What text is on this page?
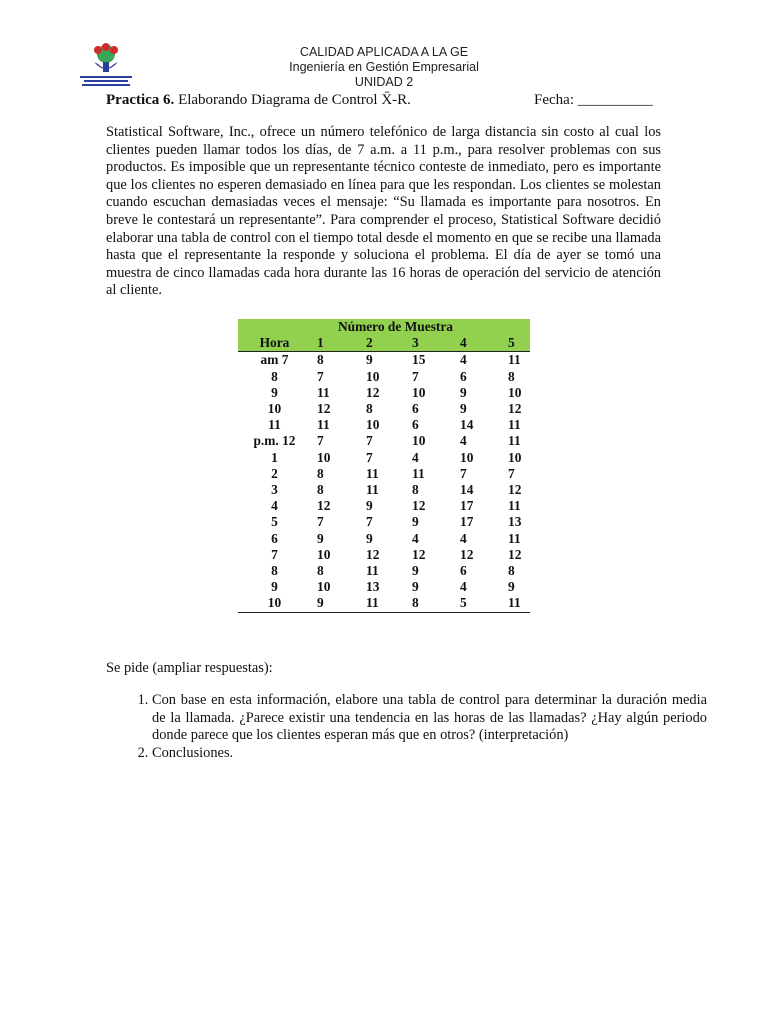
CALIDAD APLICADA A LA GE
Ingeniería en Gestión Empresarial
UNIDAD 2
Practica 6. Elaborando Diagrama de Control X̄-R.	Fecha: __________
Statistical Software, Inc., ofrece un número telefónico de larga distancia sin costo al cual los clientes pueden llamar todos los días, de 7 a.m. a 11 p.m., para resolver problemas con sus productos. Es imposible que un representante técnico conteste de inmediato, pero es importante que los clientes no esperen demasiado en línea para que les respondan. Los clientes se molestan cuando escuchan demasiadas veces el mensaje: “Su llamada es importante para nosotros. En breve le contestará un representante”. Para comprender el proceso, Statistical Software decidió elaborar una tabla de control con el tiempo total desde el momento en que se recibe una llamada hasta que el representante la responde y soluciona el problema. El día de ayer se tomó una muestra de cinco llamadas cada hora durante las 16 horas de operación del servicio de atención al cliente.
	Número de Muestra				
Hora	1	2	3	4	5
am 7	8	9	15	4	11
8	7	10	7	6	8
9	11	12	10	9	10
10	12	8	6	9	12
11	11	10	6	14	11
p.m. 12	7	7	10	4	11
1	10	7	4	10	10
2	8	11	11	7	7
3	8	11	8	14	12
4	12	9	12	17	11
5	7	7	9	17	13
6	9	9	4	4	11
7	10	12	12	12	12
8	8	11	9	6	8
9	10	13	9	4	9
10	9	11	8	5	11
Se pide (ampliar respuestas):
1. Con base en esta información, elabore una tabla de control para determinar la duración media de la llamada. ¿Parece existir una tendencia en las horas de las llamadas? ¿Hay algún periodo donde parece que los clientes esperan más que en otros? (interpretación)
2. Conclusiones.
